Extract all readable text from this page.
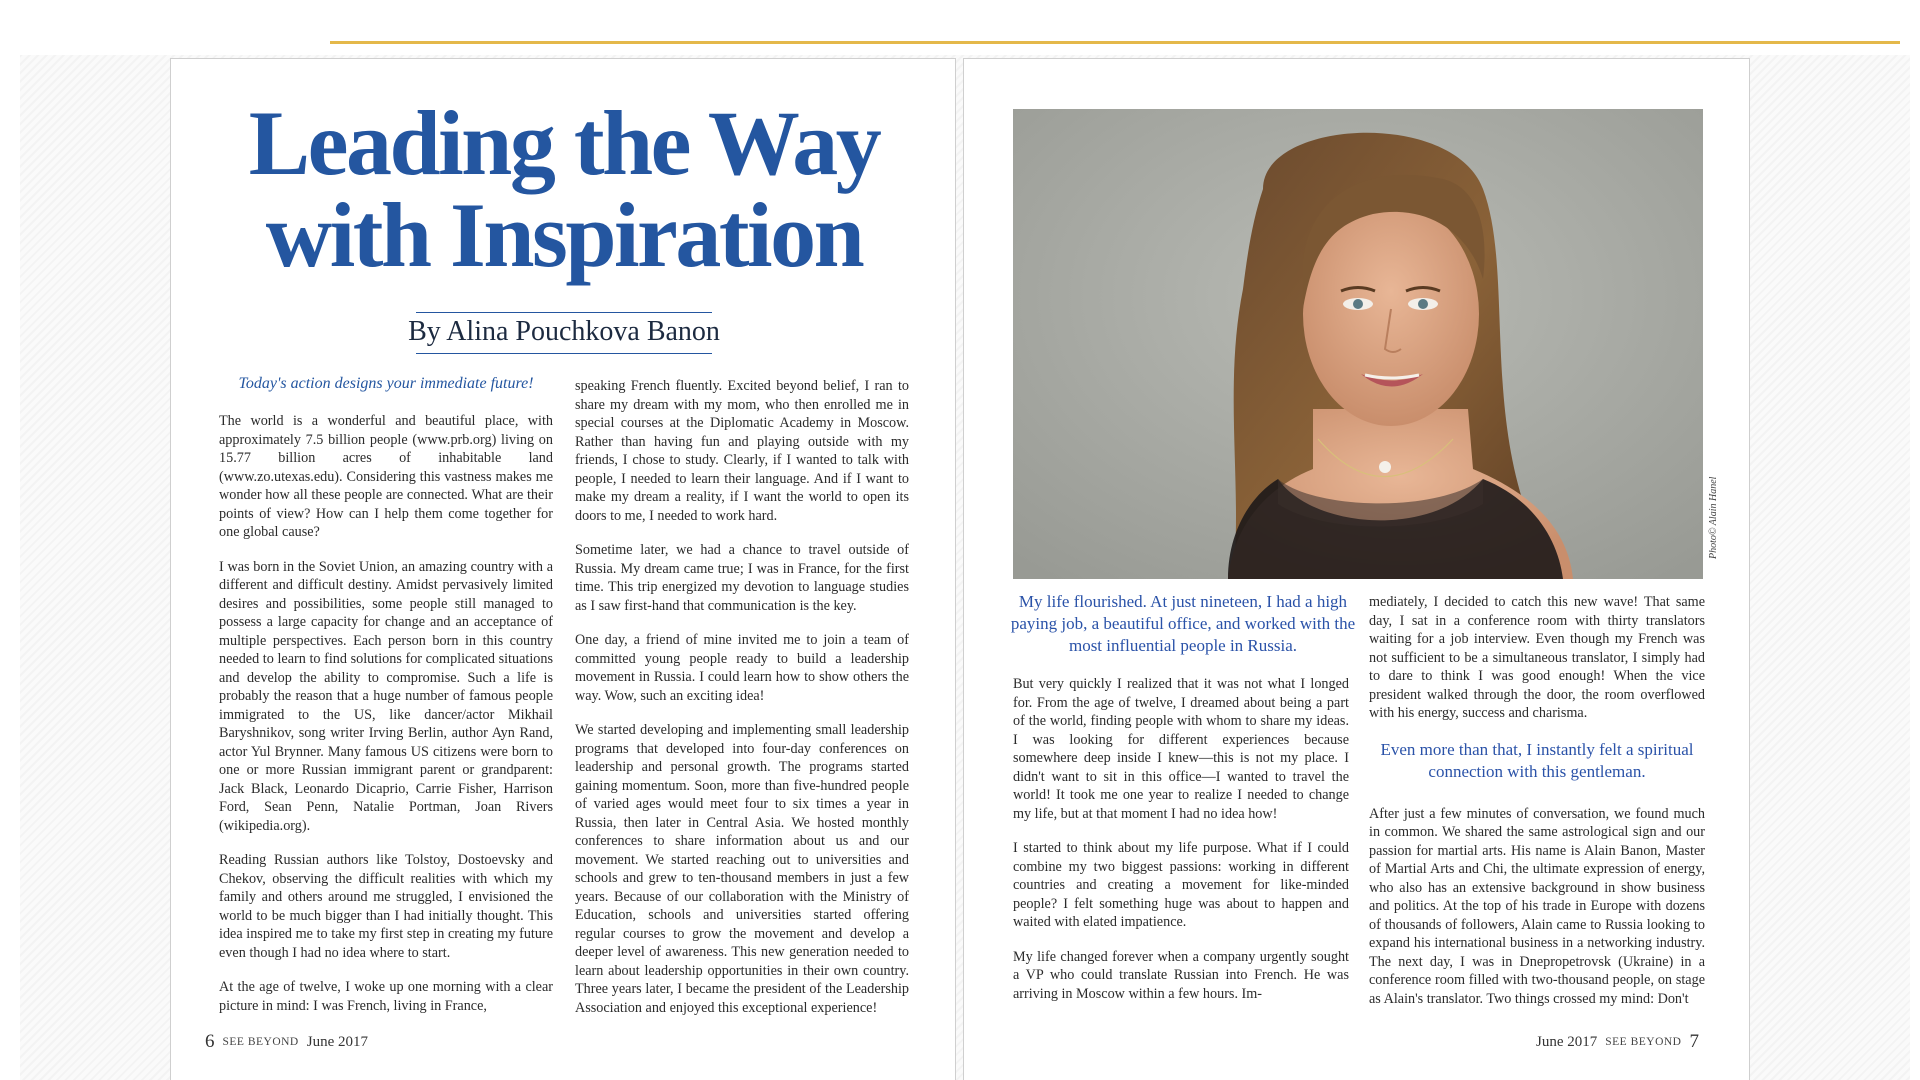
Leading the Way
with Inspiration

By Alina Pouchkova Banon

Today's action designs your immediate future!

The world is a wonderful and beautiful place, with approximately 7.5 billion people (www.prb.org) living on 15.77 billion acres of inhabitable land (www.zo.utexas.edu). Considering this vastness makes me wonder how all these people are connected. What are their points of view? How can I help them come together for one global cause?

I was born in the Soviet Union, an amazing country with a different and difficult destiny. Amidst pervasively limited desires and possibilities, some people still managed to possess a large capacity for change and an acceptance of multiple perspectives. Each person born in this country needed to learn to find solutions for complicated situations and develop the ability to compromise. Such a life is probably the reason that a huge number of famous people immigrated to the US, like dancer/actor Mikhail Baryshnikov, song writer Irving Berlin, author Ayn Rand, actor Yul Brynner. Many famous US citizens were born to one or more Russian immigrant parent or grandparent: Jack Black, Leonardo Dicaprio, Carrie Fisher, Harrison Ford, Sean Penn, Natalie Portman, Joan Rivers (wikipedia.org).

Reading Russian authors like Tolstoy, Dostoevsky and Chekov, observing the difficult realities with which my family and others around me struggled, I envisioned the world to be much bigger than I had initially thought. This idea inspired me to take my first step in creating my future even though I had no idea where to start.

At the age of twelve, I woke up one morning with a clear picture in mind: I was French, living in France,

speaking French fluently. Excited beyond belief, I ran to share my dream with my mom, who then enrolled me in special courses at the Diplomatic Academy in Moscow. Rather than having fun and playing outside with my friends, I chose to study. Clearly, if I wanted to talk with people, I needed to learn their language. And if I want to make my dream a reality, if I want the world to open its doors to me, I needed to work hard.

Sometime later, we had a chance to travel outside of Russia. My dream came true; I was in France, for the first time. This trip energized my devotion to language studies as I saw first-hand that communication is the key.

One day, a friend of mine invited me to join a team of committed young people ready to build a leadership movement in Russia. I could learn how to show others the way. Wow, such an exciting idea!

We started developing and implementing small leadership programs that developed into four-day conferences on leadership and personal growth. The programs started gaining momentum. Soon, more than five-hundred people of varied ages would meet four to six times a year in Russia, then later in Central Asia. We hosted monthly conferences to share information about us and our movement. We started reaching out to universities and schools and grew to ten-thousand members in just a few years. Because of our collaboration with the Ministry of Education, schools and universities started offering regular courses to grow the movement and develop a deeper level of awareness. This new generation needed to learn about leadership opportunities in their own country. Three years later, I became the president of the Leadership Association and enjoyed this exceptional experience!

6 SEE BEYOND June 2017
Photo© Alain Hanel

My life flourished. At just nineteen, I had a high paying job, a beautiful office, and worked with the most influential people in Russia.

But very quickly I realized that it was not what I longed for. From the age of twelve, I dreamed about being a part of the world, finding people with whom to share my ideas. I was looking for different experiences because somewhere deep inside I knew—this is not my place. I didn't want to sit in this office—I wanted to travel the world! It took me one year to realize I needed to change my life, but at that moment I had no idea how!

I started to think about my life purpose. What if I could combine my two biggest passions: working in different countries and creating a movement for like-minded people? I felt something huge was about to happen and waited with elated impatience.

My life changed forever when a company urgently sought a VP who could translate Russian into French. He was arriving in Moscow within a few hours. Im-

mediately, I decided to catch this new wave! That same day, I sat in a conference room with thirty translators waiting for a job interview. Even though my French was not sufficient to be a simultaneous translator, I simply had to dare to think I was good enough! When the vice president walked through the door, the room overflowed with his energy, success and charisma.

Even more than that, I instantly felt a spiritual connection with this gentleman.

After just a few minutes of conversation, we found much in common. We shared the same astrological sign and our passion for martial arts. His name is Alain Banon, Master of Martial Arts and Chi, the ultimate expression of energy, who also has an extensive background in show business and politics. At the top of his trade in Europe with dozens of thousands of followers, Alain came to Russia looking to expand his international business in a networking industry. The next day, I was in Dnepropetrovsk (Ukraine) in a conference room filled with two-thousand people, on stage as Alain's translator. Two things crossed my mind: Don't

June 2017 SEE BEYOND 7
